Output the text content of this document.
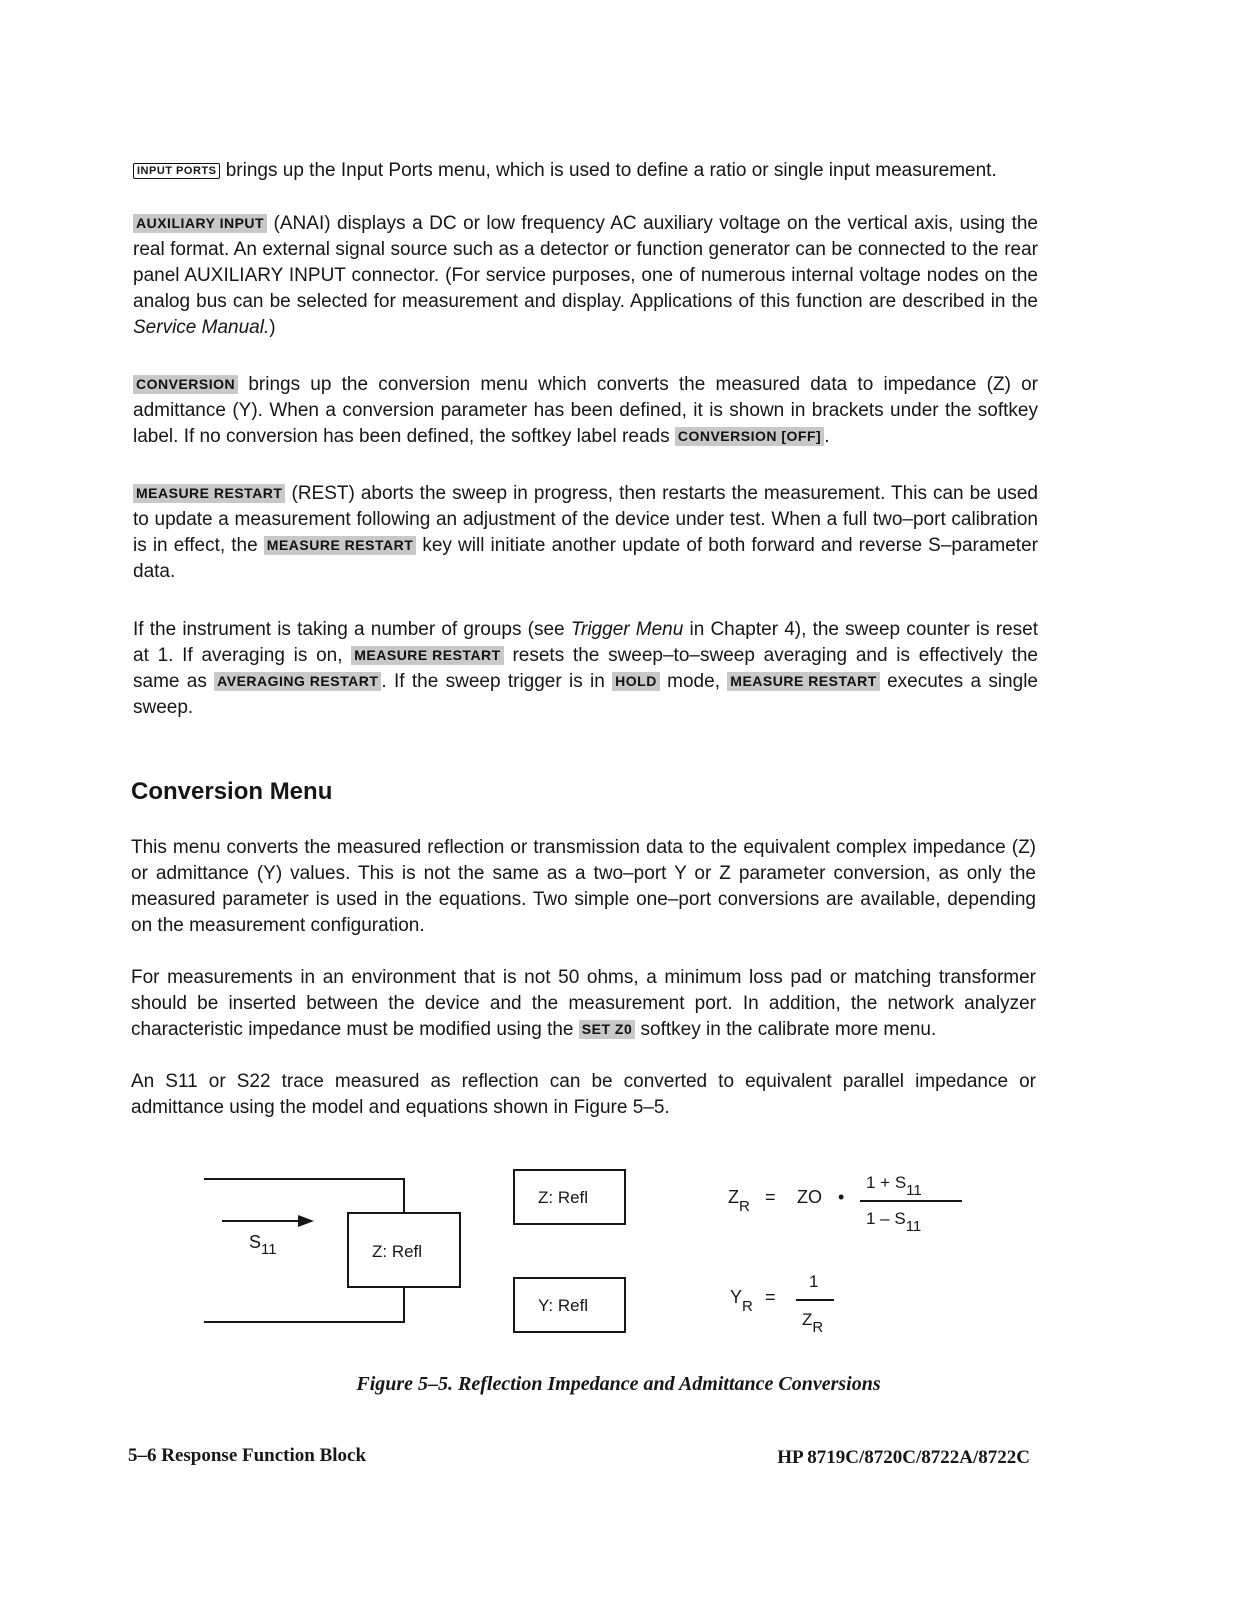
INPUT PORTS brings up the Input Ports menu, which is used to define a ratio or single input measurement.
AUXILIARY INPUT (ANAI) displays a DC or low frequency AC auxiliary voltage on the vertical axis, using the real format. An external signal source such as a detector or function generator can be connected to the rear panel AUXILIARY INPUT connector. (For service purposes, one of numerous internal voltage nodes on the analog bus can be selected for measurement and display. Applications of this function are described in the Service Manual.)
CONVERSION brings up the conversion menu which converts the measured data to impedance (Z) or admittance (Y). When a conversion parameter has been defined, it is shown in brackets under the softkey label. If no conversion has been defined, the softkey label reads CONVERSION [OFF] .
MEASURE RESTART (REST) aborts the sweep in progress, then restarts the measurement. This can be used to update a measurement following an adjustment of the device under test. When a full two–port calibration is in effect, the MEASURE RESTART key will initiate another update of both forward and reverse S–parameter data.
If the instrument is taking a number of groups (see Trigger Menu in Chapter 4), the sweep counter is reset at 1. If averaging is on, MEASURE RESTART resets the sweep–to–sweep averaging and is effectively the same as AVERAGING RESTART . If the sweep trigger is in HOLD mode, MEASURE RESTART executes a single sweep.
Conversion Menu
This menu converts the measured reflection or transmission data to the equivalent complex impedance (Z) or admittance (Y) values. This is not the same as a two–port Y or Z parameter conversion, as only the measured parameter is used in the equations. Two simple one–port conversions are available, depending on the measurement configuration.
For measurements in an environment that is not 50 ohms, a minimum loss pad or matching transformer should be inserted between the device and the measurement port. In addition, the network analyzer characteristic impedance must be modified using the SET Z0 softkey in the calibrate more menu.
An S11 or S22 trace measured as reflection can be converted to equivalent parallel impedance or admittance using the model and equations shown in Figure 5–5.
$S_{11}$	Z: Refl
Z: Refl
Y: Refl
$Z_R$ = ZO •
1 + S11
1 – S11
$Y_R$ =
1
ZR
Figure 5–5. Reflection Impedance and Admittance Conversions
5–6 Response Function Block	HP 8719C/8720C/8722A/8722C
